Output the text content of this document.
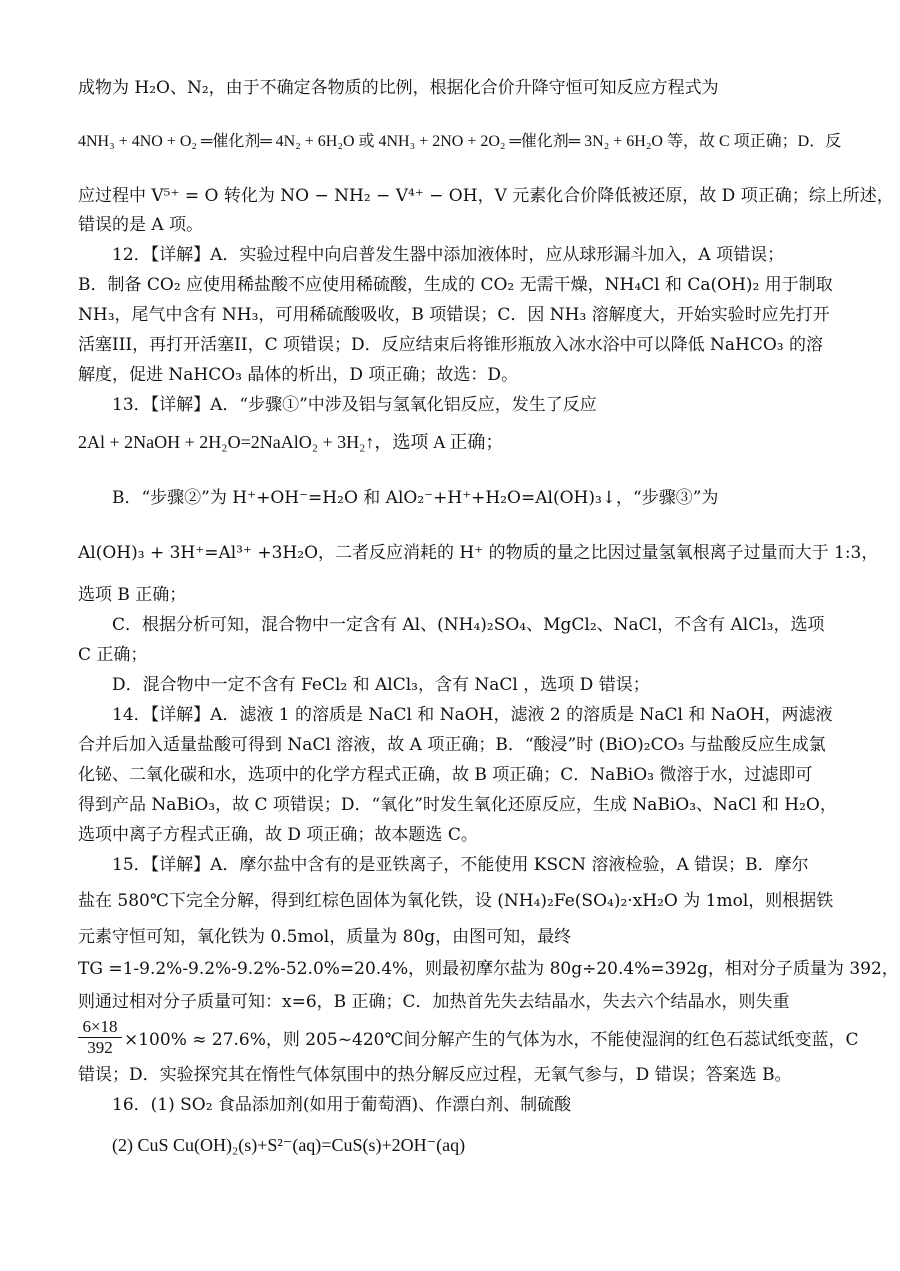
成物为 H₂O、N₂，由于不确定各物质的比例，根据化合价升降守恒可知反应方程式为
4NH₃ + 4NO + O₂ ═催化剂═ 4N₂ + 6H₂O 或 4NH₃ + 2NO + 2O₂ ═催化剂═ 3N₂ + 6H₂O 等，故 C 项正确；D．反
应过程中 V⁵⁺ = O 转化为 NO − NH₂ − V⁴⁺ − OH，V 元素化合价降低被还原，故 D 项正确；综上所述，
错误的是 A 项。
12．【详解】A．实验过程中向启普发生器中添加液体时，应从球形漏斗加入，A 项错误；
B．制备 CO₂ 应使用稀盐酸不应使用稀硫酸，生成的 CO₂ 无需干燥，NH₄Cl 和 Ca(OH)₂ 用于制取
NH₃，尾气中含有 NH₃，可用稀硫酸吸收，B 项错误；C．因 NH₃ 溶解度大，开始实验时应先打开
活塞III，再打开活塞II，C 项错误；D．反应结束后将锥形瓶放入冰水浴中可以降低 NaHCO₃ 的溶
解度，促进 NaHCO₃ 晶体的析出，D 项正确；故选：D。
13．【详解】A．“步骤①”中涉及铝与氢氧化铝反应，发生了反应
2Al + 2NaOH + 2H₂O=2NaAlO₂ + 3H₂↑，选项 A 正确；
B．“步骤②”为 H⁺+OH⁻=H₂O 和 AlO₂⁻+H⁺+H₂O=Al(OH)₃↓，“步骤③”为
Al(OH)₃ + 3H⁺=Al³⁺ +3H₂O，二者反应消耗的 H⁺ 的物质的量之比因过量氢氧根离子过量而大于 1:3，
选项 B 正确；
C．根据分析可知，混合物中一定含有 Al、(NH₄)₂SO₄、MgCl₂、NaCl，不含有 AlCl₃，选项
C 正确；
D．混合物中一定不含有 FeCl₂ 和 AlCl₃，含有 NaCl ，选项 D 错误；
14．【详解】A．滤液 1 的溶质是 NaCl 和 NaOH，滤液 2 的溶质是 NaCl 和 NaOH，两滤液
合并后加入适量盐酸可得到 NaCl 溶液，故 A 项正确；B．“酸浸”时 (BiO)₂CO₃ 与盐酸反应生成氯
化铋、二氧化碳和水，选项中的化学方程式正确，故 B 项正确；C．NaBiO₃ 微溶于水，过滤即可
得到产品 NaBiO₃，故 C 项错误；D．“氧化”时发生氧化还原反应，生成 NaBiO₃、NaCl 和 H₂O，
选项中离子方程式正确，故 D 项正确；故本题选 C。
15．【详解】A．摩尔盐中含有的是亚铁离子，不能使用 KSCN 溶液检验，A 错误；B．摩尔
盐在 580℃下完全分解，得到红棕色固体为氧化铁，设 (NH₄)₂Fe(SO₄)₂·xH₂O 为 1mol，则根据铁
元素守恒可知，氧化铁为 0.5mol，质量为 80g，由图可知，最终
TG =1-9.2%-9.2%-9.2%-52.0%=20.4%，则最初摩尔盐为 80g÷20.4%=392g，相对分子质量为 392，
则通过相对分子质量可知：x=6，B 正确；C．加热首先失去结晶水，失去六个结晶水，则失重
$\frac{6\times 18}{392} \times 100\% \approx 27.6\%$，则 205~420℃间分解产生的气体为水，不能使湿润的红色石蕊试纸变蓝，C
错误；D．实验探究其在惰性气体氛围中的热分解反应过程，无氧气参与，D 错误；答案选 B。
16．(1) SO₂ 食品添加剂(如用于葡萄酒)、作漂白剂、制硫酸
(2) CuS Cu(OH)₂(s)+S²⁻(aq)=CuS(s)+2OH⁻(aq)
